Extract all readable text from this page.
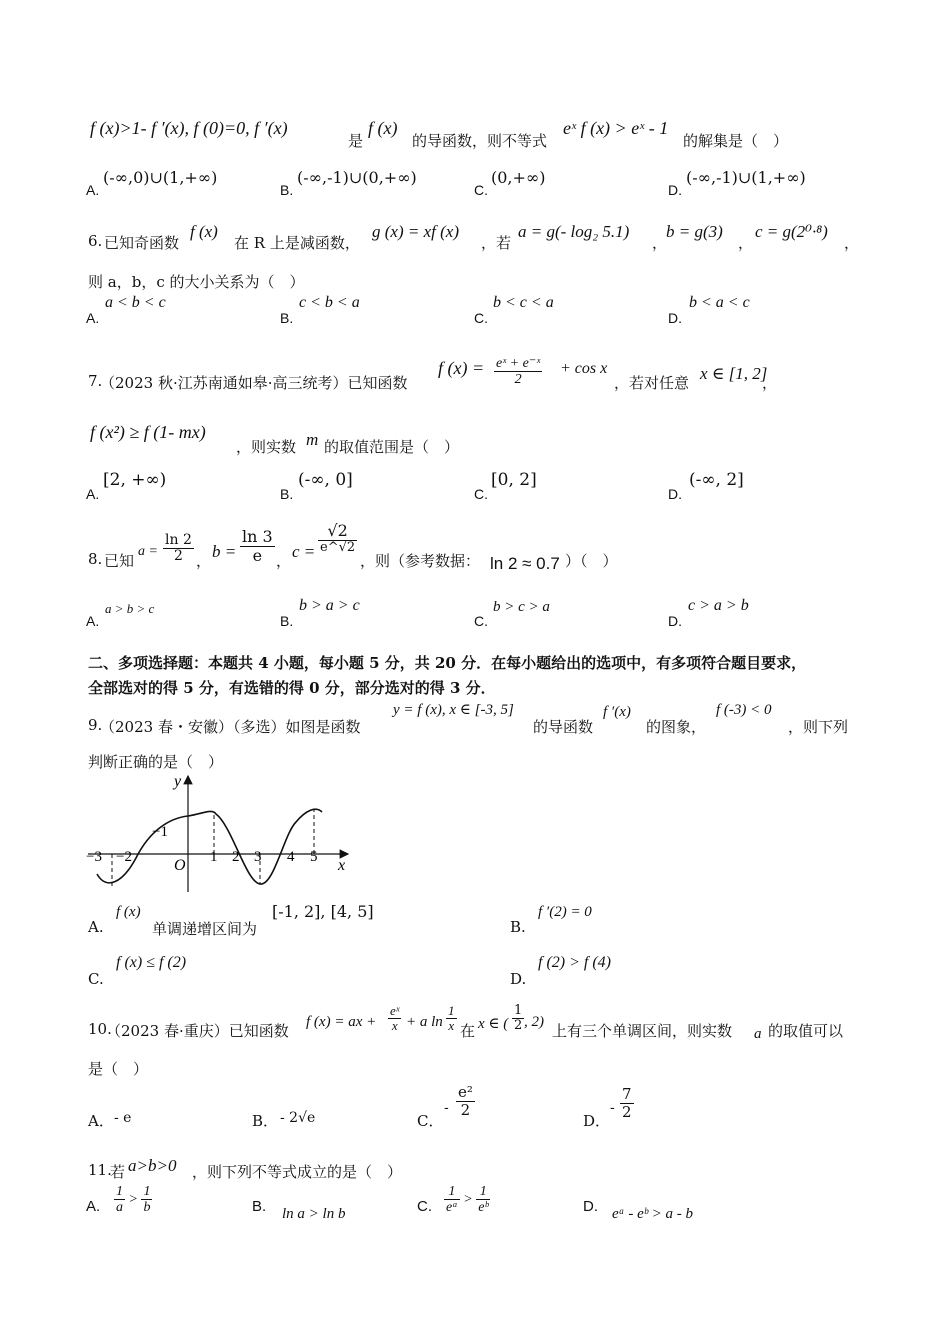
f (x)>1- f ′(x), f (0)=0, f ′(x)
是
f (x)
的导函数，则不等式
eˣ f (x) > eˣ - 1
的解集是（　）
A.
(-∞,0)∪(1,+∞)
B.
(-∞,-1)∪(0,+∞)
C.
(0,+∞)
D.
(-∞,-1)∪(1,+∞)
6. 已知奇函数
f (x)
在 R 上是减函数，
g (x) = xf (x)
，若
a = g(- log₂ 5.1)
，
b = g(3)
，
c = g(2⁰·⁸)
，
则 a，b，c 的大小关系为（　）
A.
a < b < c
B.
c < b < a
C.
b < c < a
D.
b < a < c
7.
（2023 秋·江苏南通如皋·高三统考）已知函数
f $(x) = \frac{\text{eˣ + e⁻ˣ}}{2} + \cos x$
，若对任意 x ∈ [1, 2]
，
f (x²) ≥ f (1- mx)
，则实数 m 的取值范围是（　）
A.
[2, +∞)
B.
(-∞, 0]
C.
[0, 2]
D.
(-∞, 2]
8. 已知
$a = \frac{\ln 2}{2}$ ， $b = \frac{\ln 3}{e}$ ， $c = \frac{√2}{e\^{}√2}$
，则（参考数据： ln 2 ≈ 0.7 ）（　）
A.
a > b > c
B.
b > a > c
C.
b > c > a
D.
c > a > b
二、多项选择题：本题共 4 小题，每小题 5 分，共 20 分．在每小题给出的选项中，有多项符合题目要求，
全部选对的得 5 分，有选错的得 0 分，部分选对的得 3 分．
9.
（2023 春・安徽）（多选）如图是函数
y = f (x), x ∈ [-3, 5]
的导函数
f ′(x)
的图象，
f (-3) < 0
，则下列
判断正确的是（　）
y
x
O
−1
−3 −2	1 2 3 4 5
A.
f (x)
单调递增区间为
[-1, 2], [4, 5]
B.
f ′(2) = 0
C.
f (x) ≤ f (2)
D.
f (2) > f (4)
10.
（2023 春·重庆）已知函数 f (x) = ax + $\frac{\text{eˣ}}{x} + a$ $\ln \frac{1}{x}$ 在 x ∈ ( $\frac{1}{2}$ , 2) 上有三个单调区间，则实数 a 的取值可以
是（　）
A． - e	B． - 2√e	C．
- $\frac{\text{e²}}{2}$
D．
- $\frac{7}{2}$
11.
若 a>b>0 ，则下列不等式成立的是（　）
A. $\frac{1}{a} > \frac{1}{b}$	B. ln a > ln b	C. $\frac{1}{\text{eᵃ}} > \frac{1}{\text{eᵇ}}$	D. eᵃ - eᵇ > a - b
